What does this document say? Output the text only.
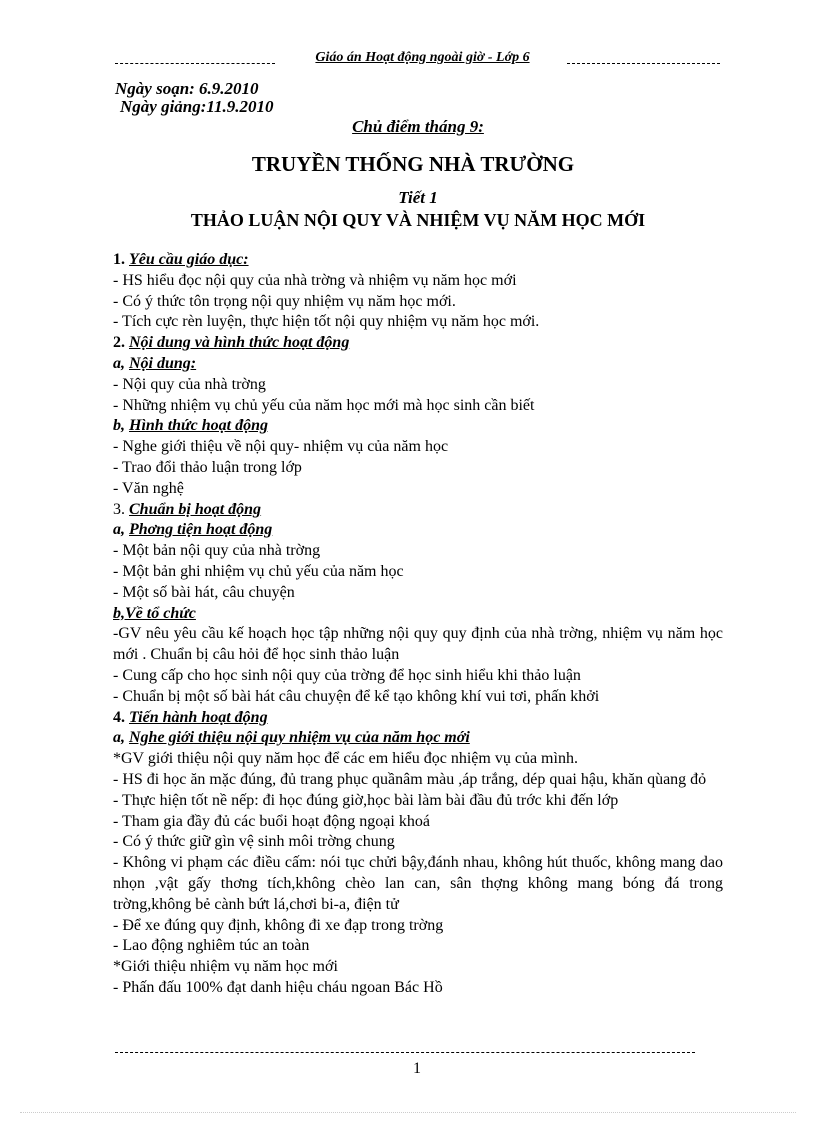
Giáo án Hoạt động ngoài giờ - Lớp 6
Ngày soạn: 6.9.2010
Ngày giảng:11.9.2010
Chủ điểm tháng 9:
TRUYỀN THỐNG NHÀ TRƯỜNG
Tiết 1
THẢO LUẬN NỘI QUY VÀ NHIỆM VỤ NĂM HỌC MỚI

1. Yêu cầu giáo dục:

- HS hiểu đọc nội quy của nhà trờng và nhiệm vụ năm học mới

- Có ý thức tôn trọng nội quy nhiệm vụ năm học mới.

- Tích cực rèn luyện, thực hiện tốt nội quy nhiệm vụ năm học mới.

2. Nội dung và hình thức hoạt động

a, Nội dung:

- Nội quy của nhà trờng

- Những nhiệm vụ chủ yếu của năm học mới mà học sinh cần biết

b, Hình thức hoạt động

- Nghe giới thiệu về nội quy- nhiệm vụ của năm học

- Trao đổi thảo luận trong lớp

- Văn nghệ

3. Chuẩn bị hoạt động

a, Phơng tiện hoạt động

- Một bản nội quy của nhà trờng

- Một bản ghi nhiệm vụ chủ yếu của năm học

- Một số bài hát, câu chuyện

b,Về tổ chức

-GV nêu yêu cầu kế hoạch học tập những nội quy quy định của nhà trờng, nhiệm vụ năm học mới . Chuẩn bị câu hỏi để học sinh thảo luận

- Cung cấp cho học sinh nội quy của trờng để học sinh hiểu khi thảo luận

- Chuẩn bị một số bài hát câu chuyện để kể tạo không khí vui tơi, phấn khởi

4. Tiến hành hoạt động

a, Nghe giới thiệu nội quy nhiệm vụ của năm học mới

*GV giới thiệu nội quy năm học để các em hiểu đọc nhiệm vụ của mình.

- HS đi học ăn mặc đúng, đủ trang phục quầnâm màu ,áp trắng, dép quai hậu, khăn qùang đỏ

- Thực hiện tốt nề nếp: đi học đúng giờ,học bài làm bài đầu đủ trớc khi đến lớp

- Tham gia đầy đủ các buổi hoạt động ngoại khoá

- Có ý thức giữ gìn vệ sinh môi trờng chung

- Không vi phạm các điều cấm: nói tục chửi bậy,đánh nhau, không hút thuốc, không mang dao nhọn ,vật gấy thơng tích,không chèo lan can, sân thợng không mang bóng đá trong trờng,không bẻ cành bứt lá,chơi bi-a, điện tử

- Để xe đúng quy định, không đi xe đạp trong trờng

- Lao động nghiêm túc an toàn

*Giới thiệu nhiệm vụ năm học mới

- Phấn đấu 100% đạt danh hiệu cháu ngoan Bác Hồ

1
